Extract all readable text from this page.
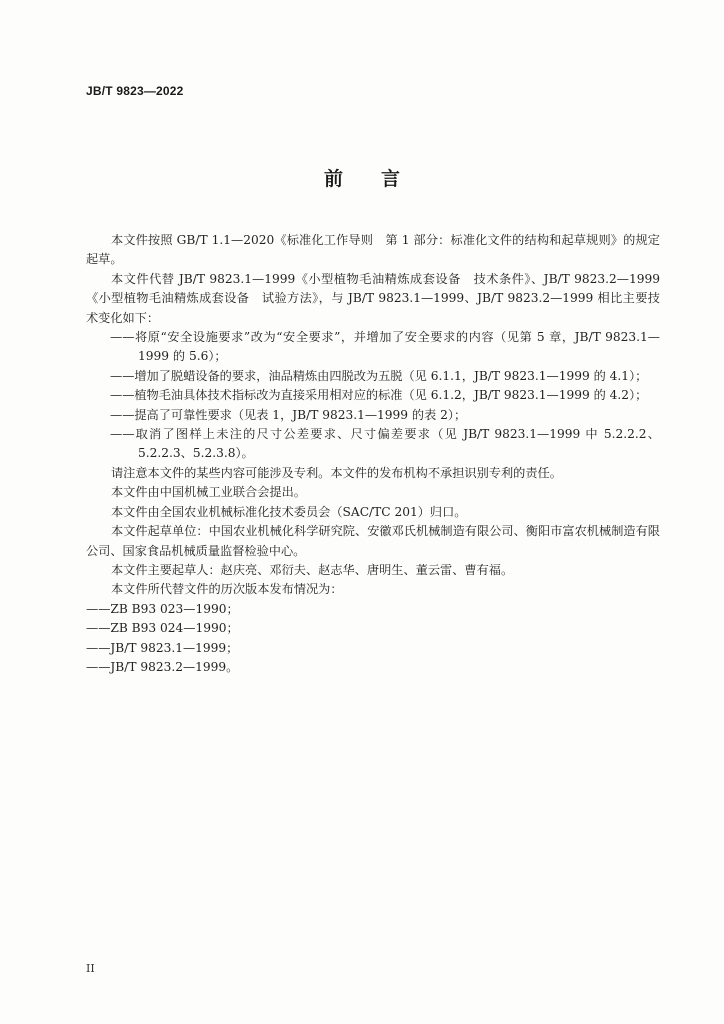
JB/T 9823—2022
前 言

本文件按照 GB/T 1.1—2020《标准化工作导则　第 1 部分：标准化文件的结构和起草规则》的规定起草。

本文件代替 JB/T 9823.1—1999《小型植物毛油精炼成套设备　技术条件》、JB/T 9823.2—1999《小型植物毛油精炼成套设备　试验方法》，与 JB/T 9823.1—1999、JB/T 9823.2—1999 相比主要技术变化如下：

——将原“安全设施要求”改为“安全要求”，并增加了安全要求的内容（见第 5 章，JB/T 9823.1—1999 的 5.6）；

——增加了脱蜡设备的要求，油品精炼由四脱改为五脱（见 6.1.1，JB/T 9823.1—1999 的 4.1）；

——植物毛油具体技术指标改为直接采用相对应的标准（见 6.1.2，JB/T 9823.1—1999 的 4.2）；

——提高了可靠性要求（见表 1，JB/T 9823.1—1999 的表 2）；

——取消了图样上未注的尺寸公差要求、尺寸偏差要求（见 JB/T 9823.1—1999 中 5.2.2.2、5.2.2.3、5.2.3.8）。

请注意本文件的某些内容可能涉及专利。本文件的发布机构不承担识别专利的责任。

本文件由中国机械工业联合会提出。

本文件由全国农业机械标准化技术委员会（SAC/TC 201）归口。

本文件起草单位：中国农业机械化科学研究院、安徽邓氏机械制造有限公司、衡阳市富农机械制造有限公司、国家食品机械质量监督检验中心。

本文件主要起草人：赵庆亮、邓衍夫、赵志华、唐明生、董云雷、曹有福。

本文件所代替文件的历次版本发布情况为：

——ZB B93 023—1990；

——ZB B93 024—1990；

——JB/T 9823.1—1999；

——JB/T 9823.2—1999。

II
